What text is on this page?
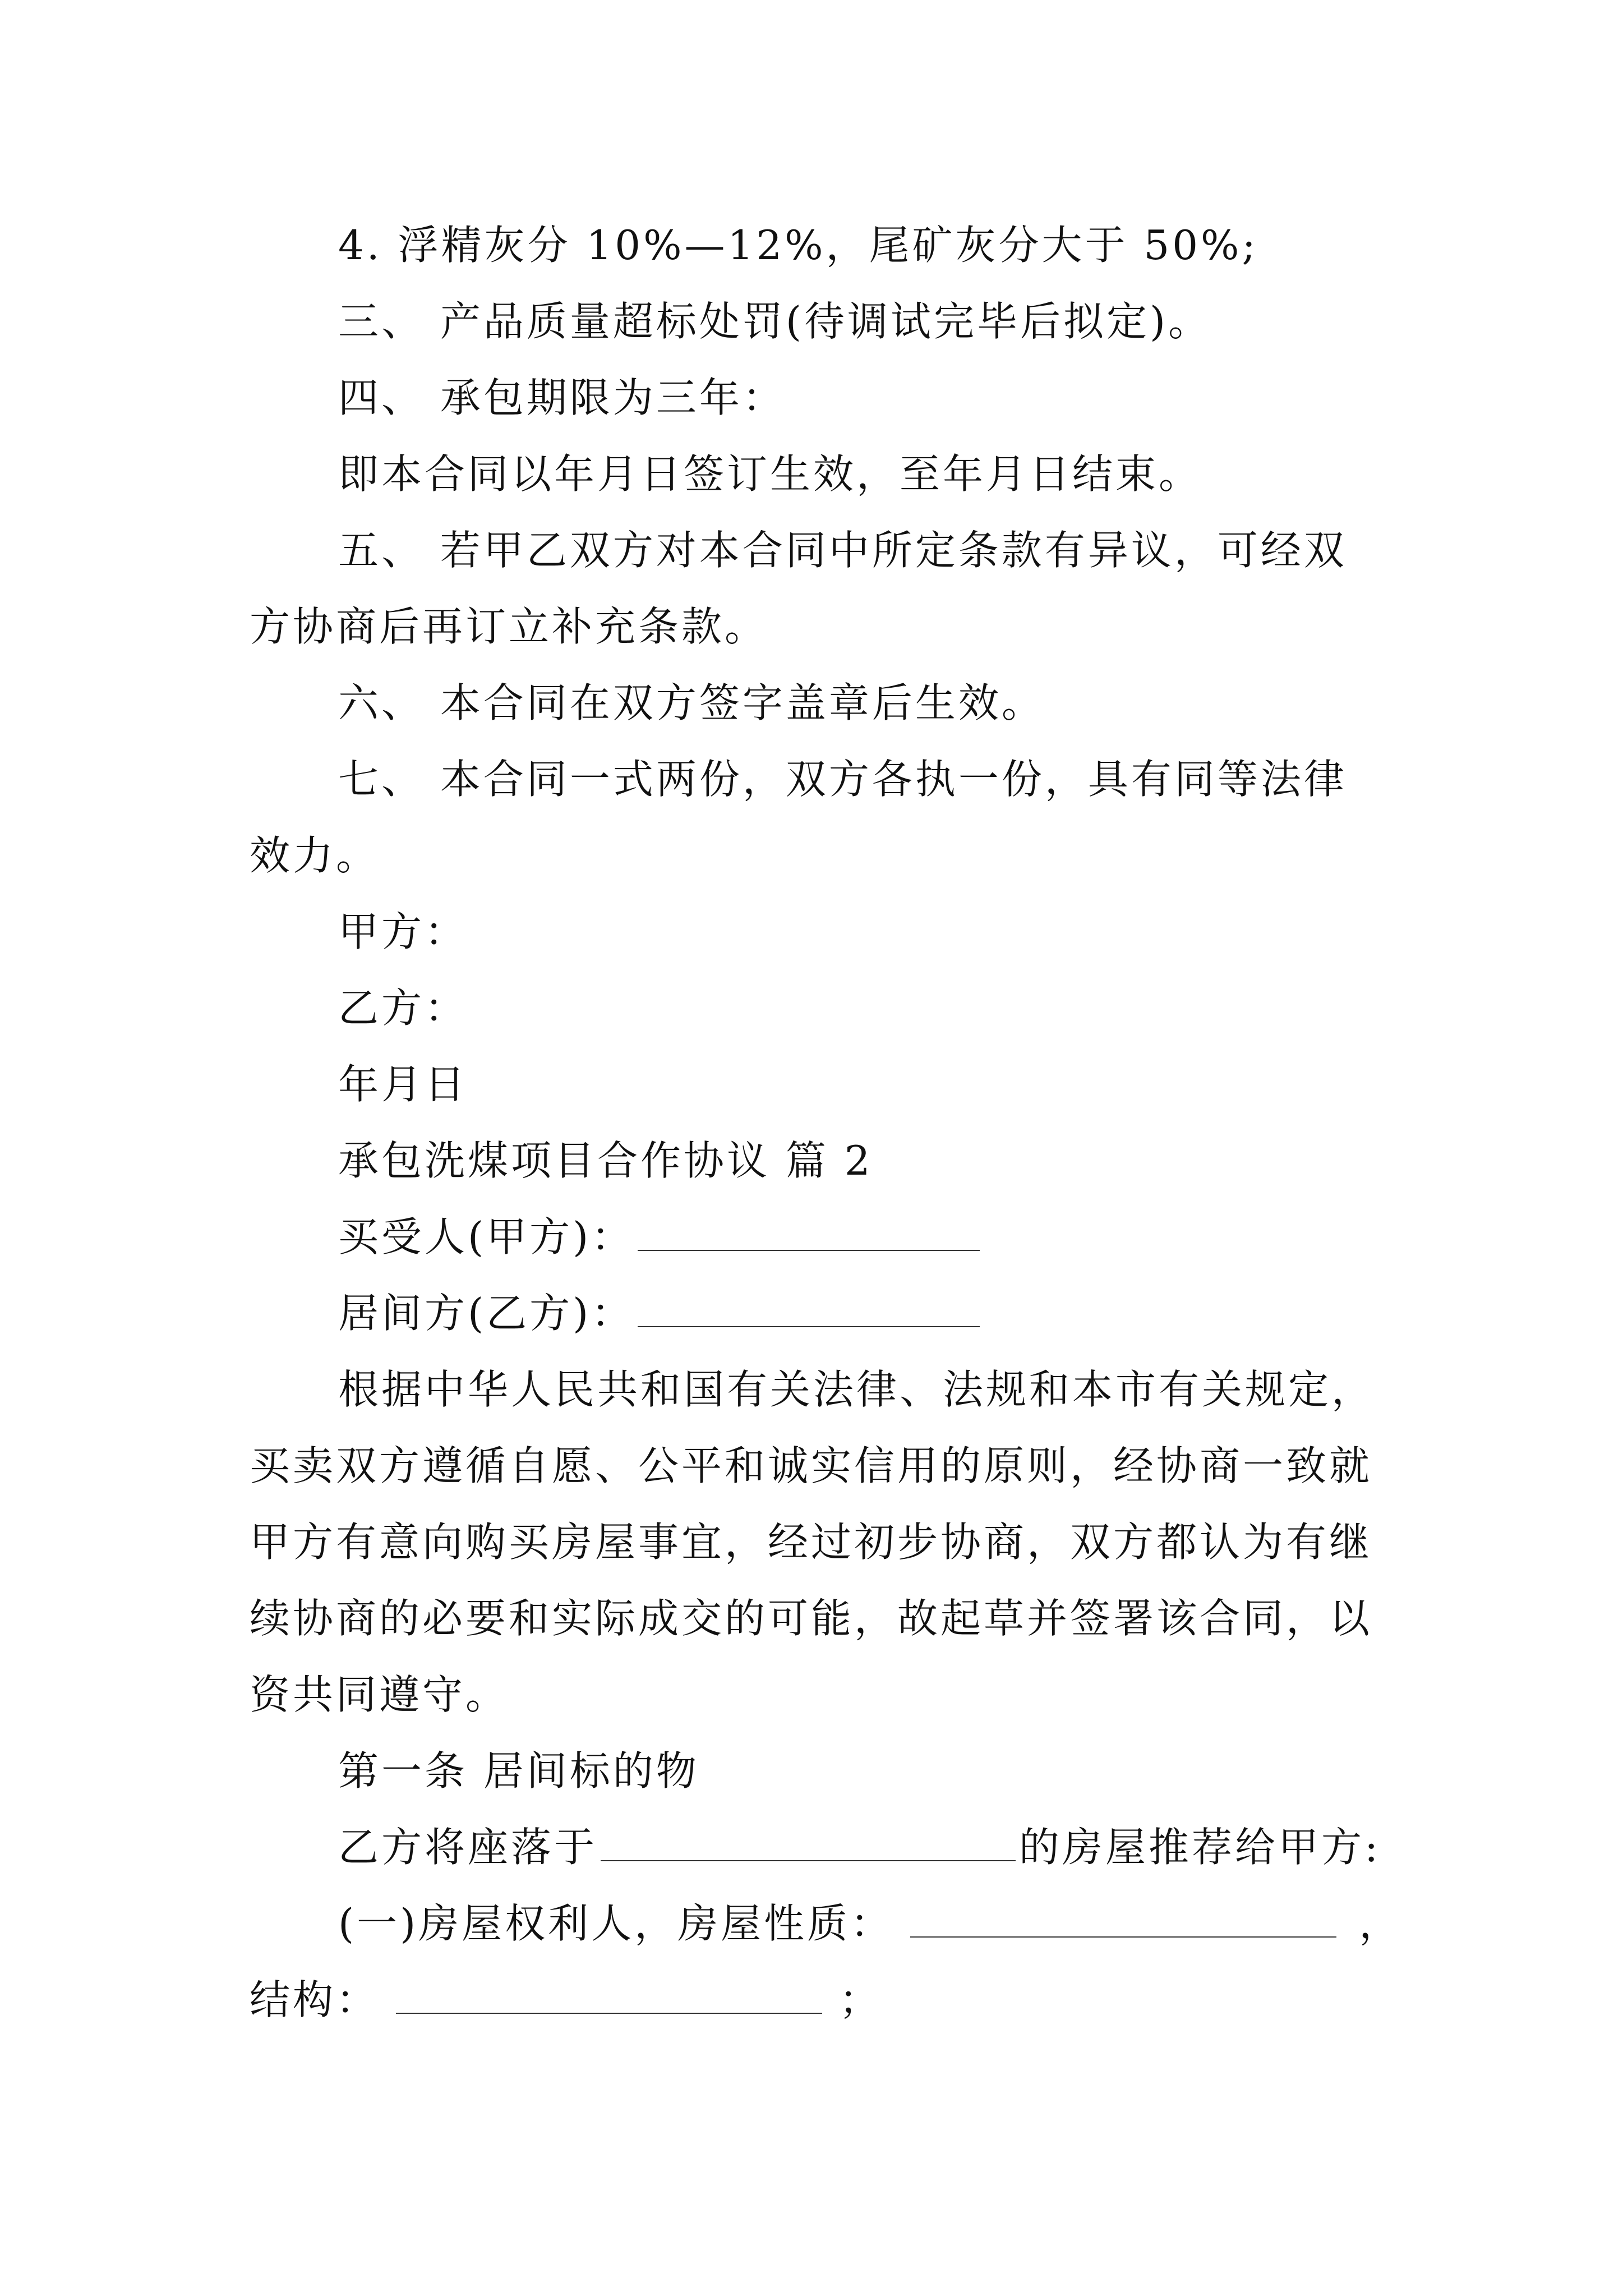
4. 浮精灰分 10%—12%，尾矿灰分大于 50%;
三、 产品质量超标处罚(待调试完毕后拟定)。
四、 承包期限为三年：
即本合同以年月日签订生效，至年月日结束。
五、 若甲乙双方对本合同中所定条款有异议，可经双
方协商后再订立补充条款。
六、 本合同在双方签字盖章后生效。
七、 本合同一式两份，双方各执一份，具有同等法律
效力。
甲方：
乙方：
年月日
承包洗煤项目合作协议 篇 2
买受人(甲方)：
居间方(乙方)：
根据中华人民共和国有关法律、法规和本市有关规定，
买卖双方遵循自愿、公平和诚实信用的原则，经协商一致就
甲方有意向购买房屋事宜，经过初步协商，双方都认为有继
续协商的必要和实际成交的可能，故起草并签署该合同，以
资共同遵守。
第一条 居间标的物
乙方将座落于	的房屋推荐给甲方:
(一)房屋权利人，房屋性质：	，
结构：	；
